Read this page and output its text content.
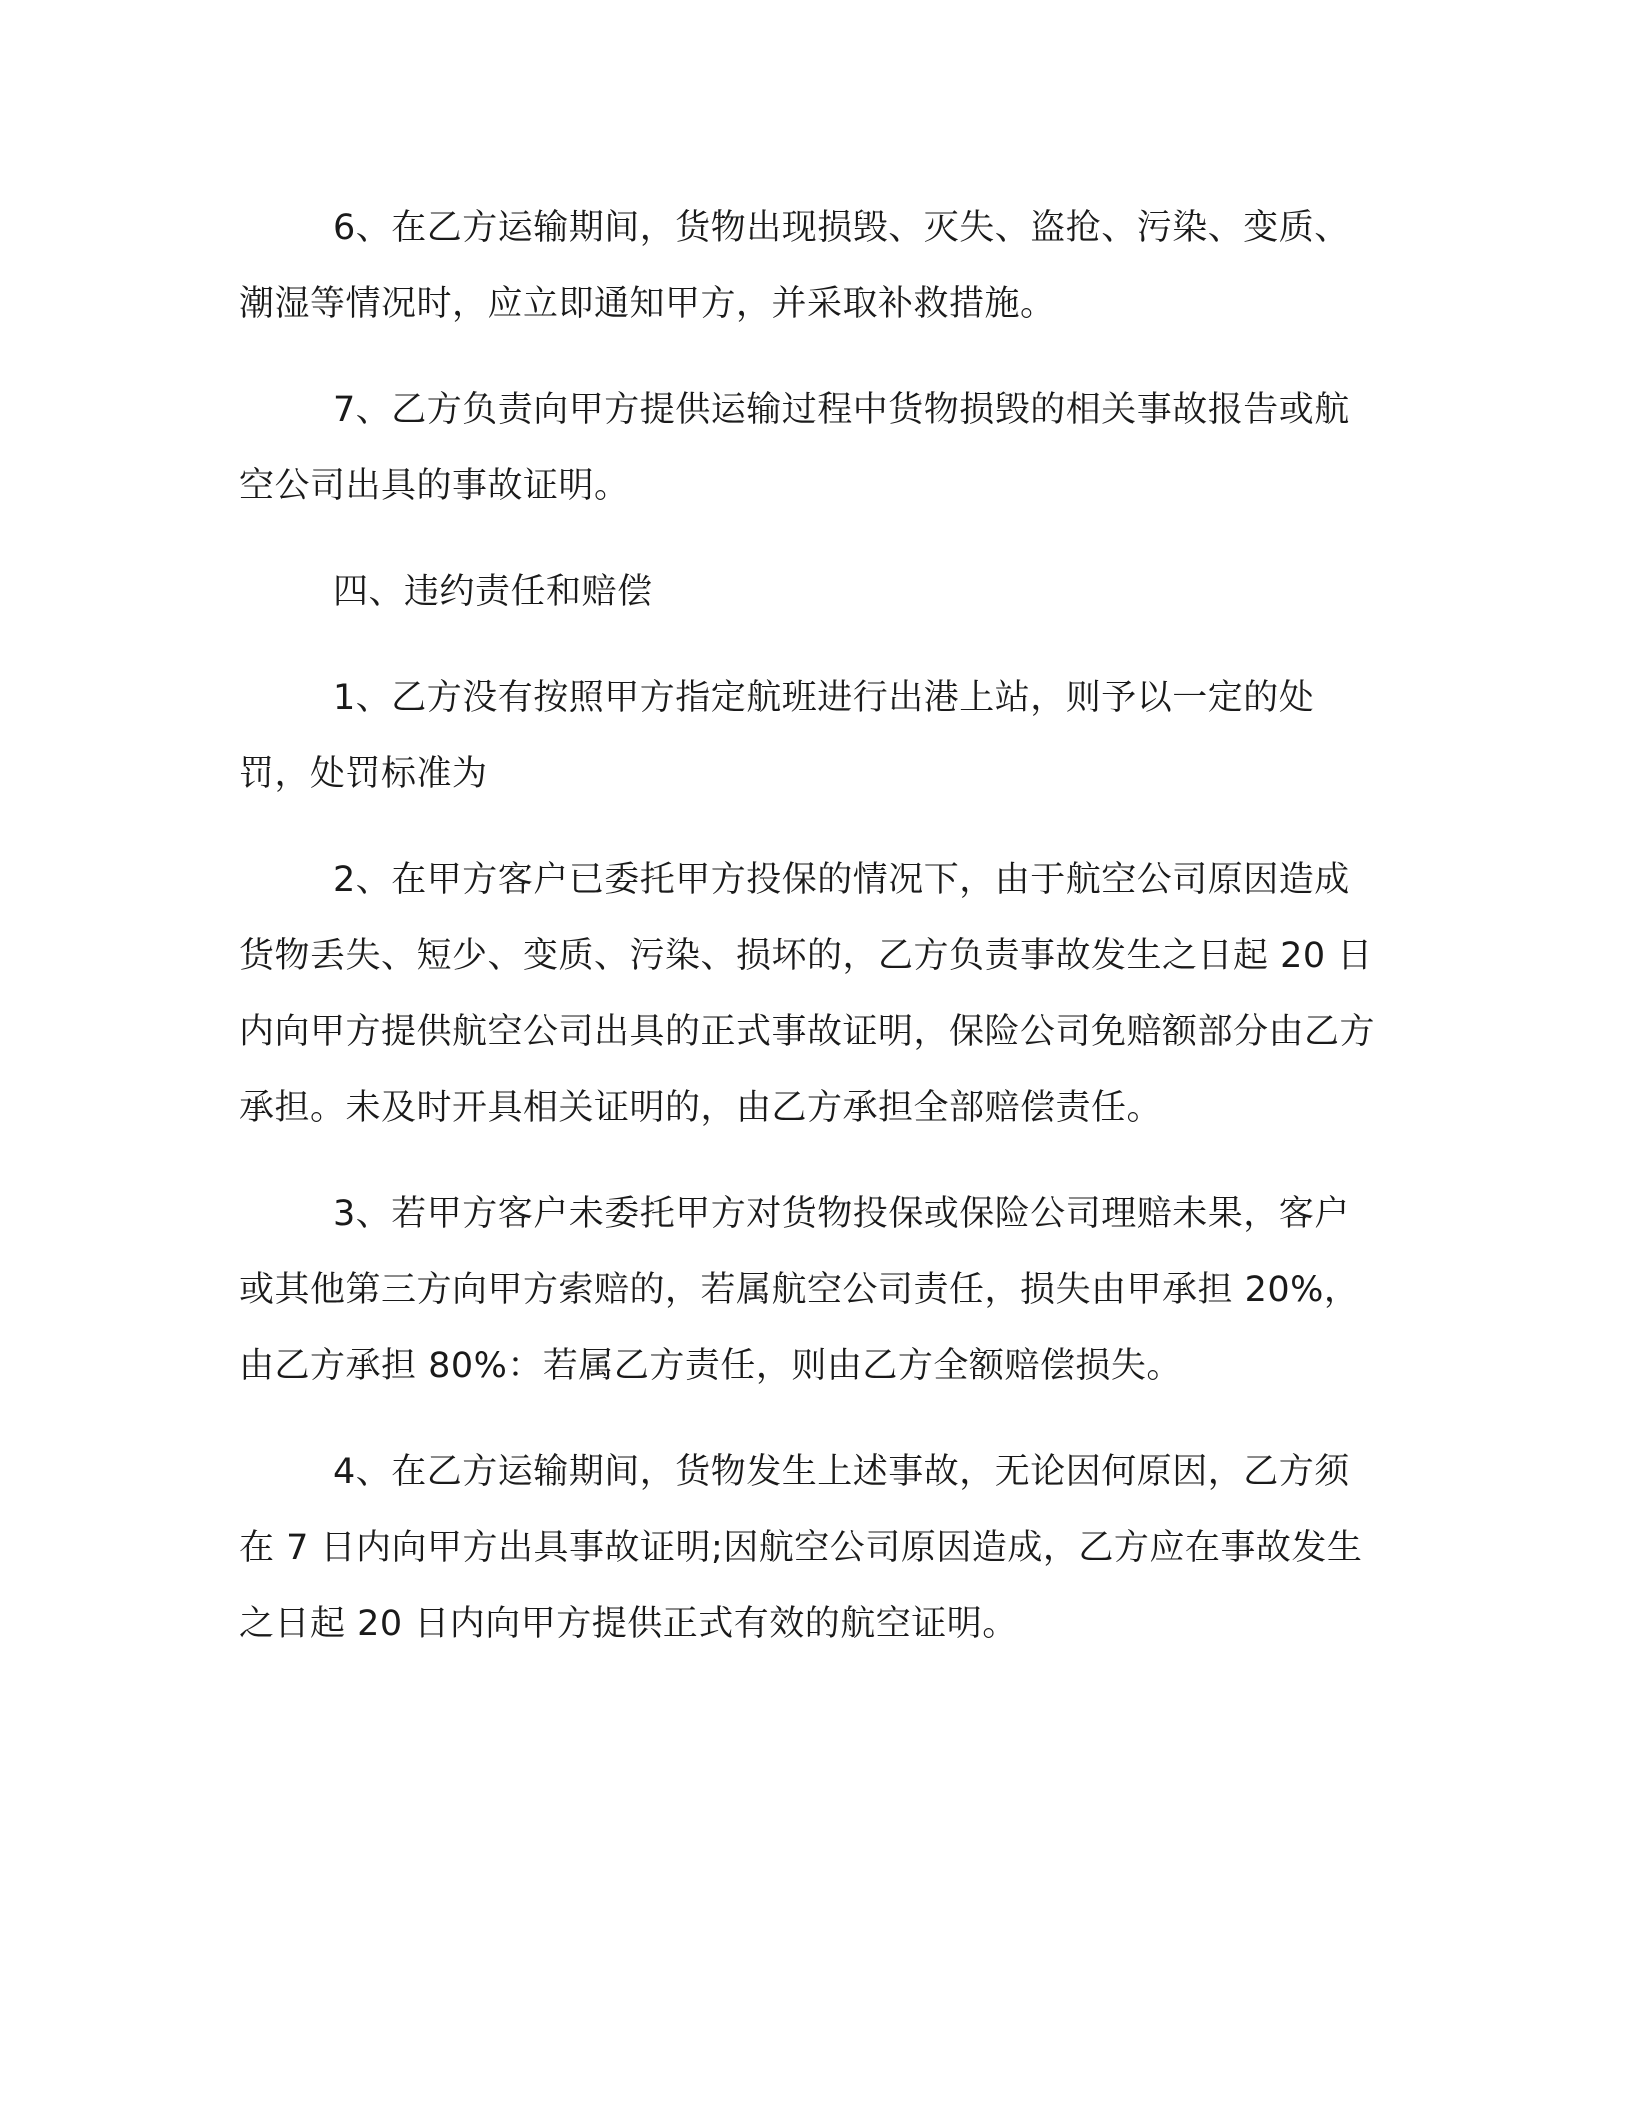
6、在乙方运输期间，货物出现损毁、灭失、盗抢、污染、变质、潮湿等情况时，应立即通知甲方，并采取补救措施。

7、乙方负责向甲方提供运输过程中货物损毁的相关事故报告或航空公司出具的事故证明。

四、违约责任和赔偿

1、乙方没有按照甲方指定航班进行出港上站，则予以一定的处罚，处罚标准为

2、在甲方客户已委托甲方投保的情况下，由于航空公司原因造成货物丢失、短少、变质、污染、损坏的，乙方负责事故发生之日起 20 日内向甲方提供航空公司出具的正式事故证明，保险公司免赔额部分由乙方承担。未及时开具相关证明的，由乙方承担全部赔偿责任。

3、若甲方客户未委托甲方对货物投保或保险公司理赔未果，客户或其他第三方向甲方索赔的，若属航空公司责任，损失由甲承担 20%，由乙方承担 80%：若属乙方责任，则由乙方全额赔偿损失。

4、在乙方运输期间，货物发生上述事故，无论因何原因，乙方须在 7 日内向甲方出具事故证明;因航空公司原因造成，乙方应在事故发生之日起 20 日内向甲方提供正式有效的航空证明。
